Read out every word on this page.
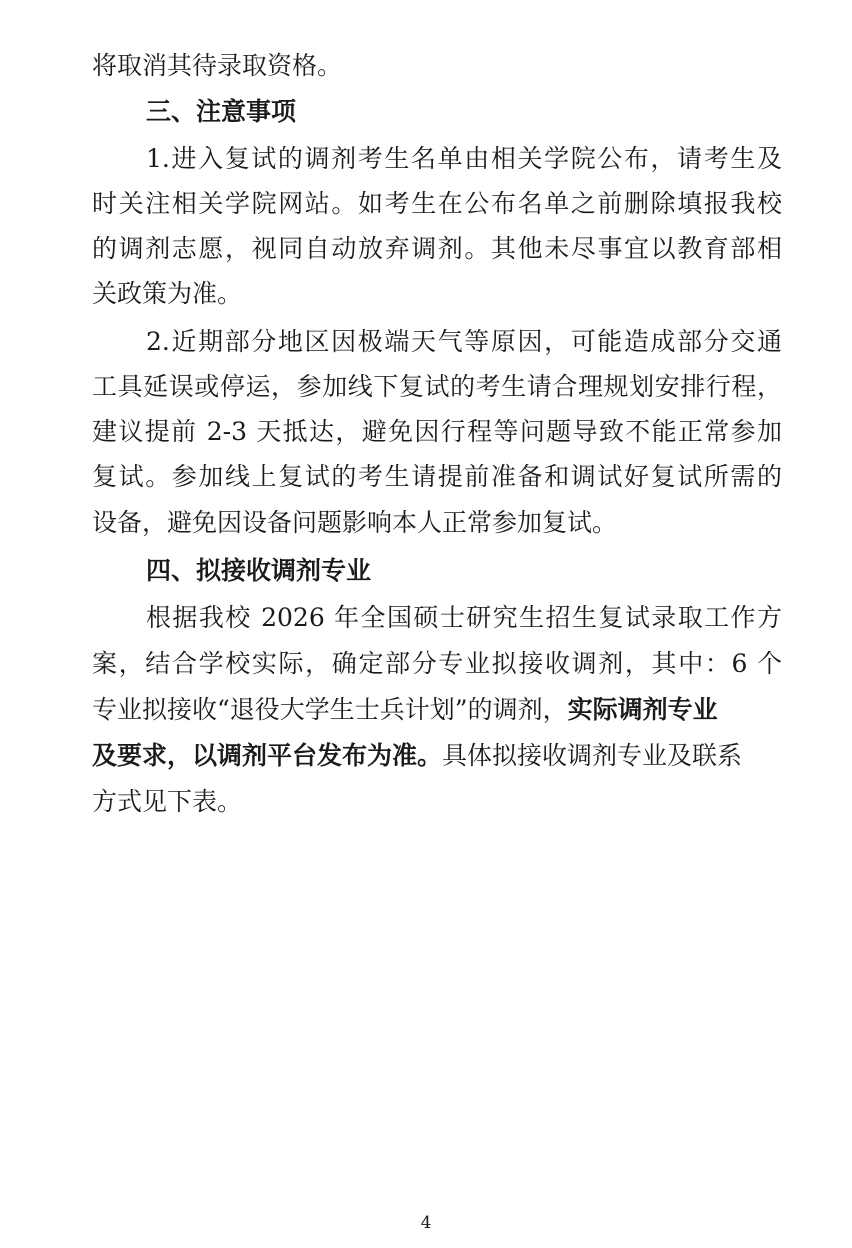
将取消其待录取资格。
三、注意事项
1.进入复试的调剂考生名单由相关学院公布，请考生及
时关注相关学院网站。如考生在公布名单之前删除填报我校
的调剂志愿，视同自动放弃调剂。其他未尽事宜以教育部相
关政策为准。
2.近期部分地区因极端天气等原因，可能造成部分交通
工具延误或停运，参加线下复试的考生请合理规划安排行程，
建议提前 2-3 天抵达，避免因行程等问题导致不能正常参加
复试。参加线上复试的考生请提前准备和调试好复试所需的
设备，避免因设备问题影响本人正常参加复试。
四、拟接收调剂专业
根据我校 2026 年全国硕士研究生招生复试录取工作方
案，结合学校实际，确定部分专业拟接收调剂，其中：6 个
专业拟接收“退役大学生士兵计划”的调剂，实际调剂专业
及要求，以调剂平台发布为准。具体拟接收调剂专业及联系
方式见下表。
4
